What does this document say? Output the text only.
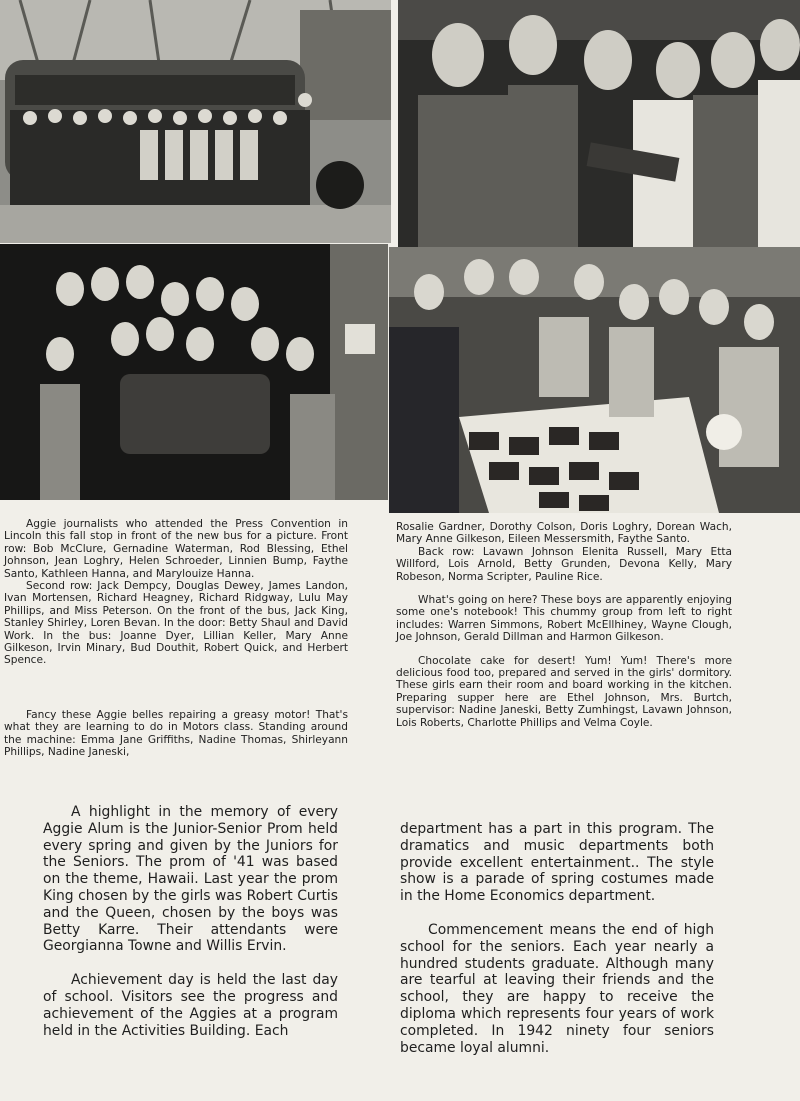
Aggie journalists who attended the Press Convention in Lincoln this fall stop in front of the new bus for a picture. Front row: Bob McClure, Gernadine Waterman, Rod Blessing, Ethel Johnson, Jean Loghry, Helen Schroeder, Linnien Bump, Faythe Santo, Kathleen Hanna, and Marylouize Hanna.

Second row: Jack Dempcy, Douglas Dewey, James Landon, Ivan Mortensen, Richard Heagney, Richard Ridgway, Lulu May Phillips, and Miss Peterson. On the front of the bus, Jack King, Stanley Shirley, Loren Bevan. In the door: Betty Shaul and David Work. In the bus: Joanne Dyer, Lillian Keller, Mary Anne Gilkeson, Irvin Minary, Bud Douthit, Robert Quick, and Herbert Spence.

Fancy these Aggie belles repairing a greasy motor! That's what they are learning to do in Motors class. Standing around the machine: Emma Jane Griffiths, Nadine Thomas, Shirleyann Phillips, Nadine Janeski,

Rosalie Gardner, Dorothy Colson, Doris Loghry, Dorean Wach, Mary Anne Gilkeson, Eileen Messersmith, Faythe Santo.

Back row: Lavawn Johnson Elenita Russell, Mary Etta Willford, Lois Arnold, Betty Grunden, Devona Kelly, Mary Robeson, Norma Scripter, Pauline Rice.

What's going on here? These boys are apparently enjoying some one's notebook! This chummy group from left to right includes: Warren Simmons, Robert McEllhiney, Wayne Clough, Joe Johnson, Gerald Dillman and Harmon Gilkeson.

Chocolate cake for desert! Yum! Yum! There's more delicious food too, prepared and served in the girls' dormitory. These girls earn their room and board working in the kitchen. Preparing supper here are Ethel Johnson, Mrs. Burtch, supervisor: Nadine Janeski, Betty Zumhingst, Lavawn Johnson, Lois Roberts, Charlotte Phillips and Velma Coyle.

A highlight in the memory of every Aggie Alum is the Junior-Senior Prom held every spring and given by the Juniors for the Seniors. The prom of '41 was based on the theme, Hawaii. Last year the prom King chosen by the girls was Robert Curtis and the Queen, chosen by the boys was Betty Karre. Their attendants were Georgianna Towne and Willis Ervin.

Achievement day is held the last day of school. Visitors see the progress and achievement of the Aggies at a program held in the Activities Building. Each

department has a part in this program. The dramatics and music departments both provide excellent entertainment.. The style show is a parade of spring costumes made in the Home Economics department.

Commencement means the end of high school for the seniors. Each year nearly a hundred students graduate. Although many are tearful at leaving their friends and the school, they are happy to receive the diploma which represents four years of work completed. In 1942 ninety four seniors became loyal alumni.
